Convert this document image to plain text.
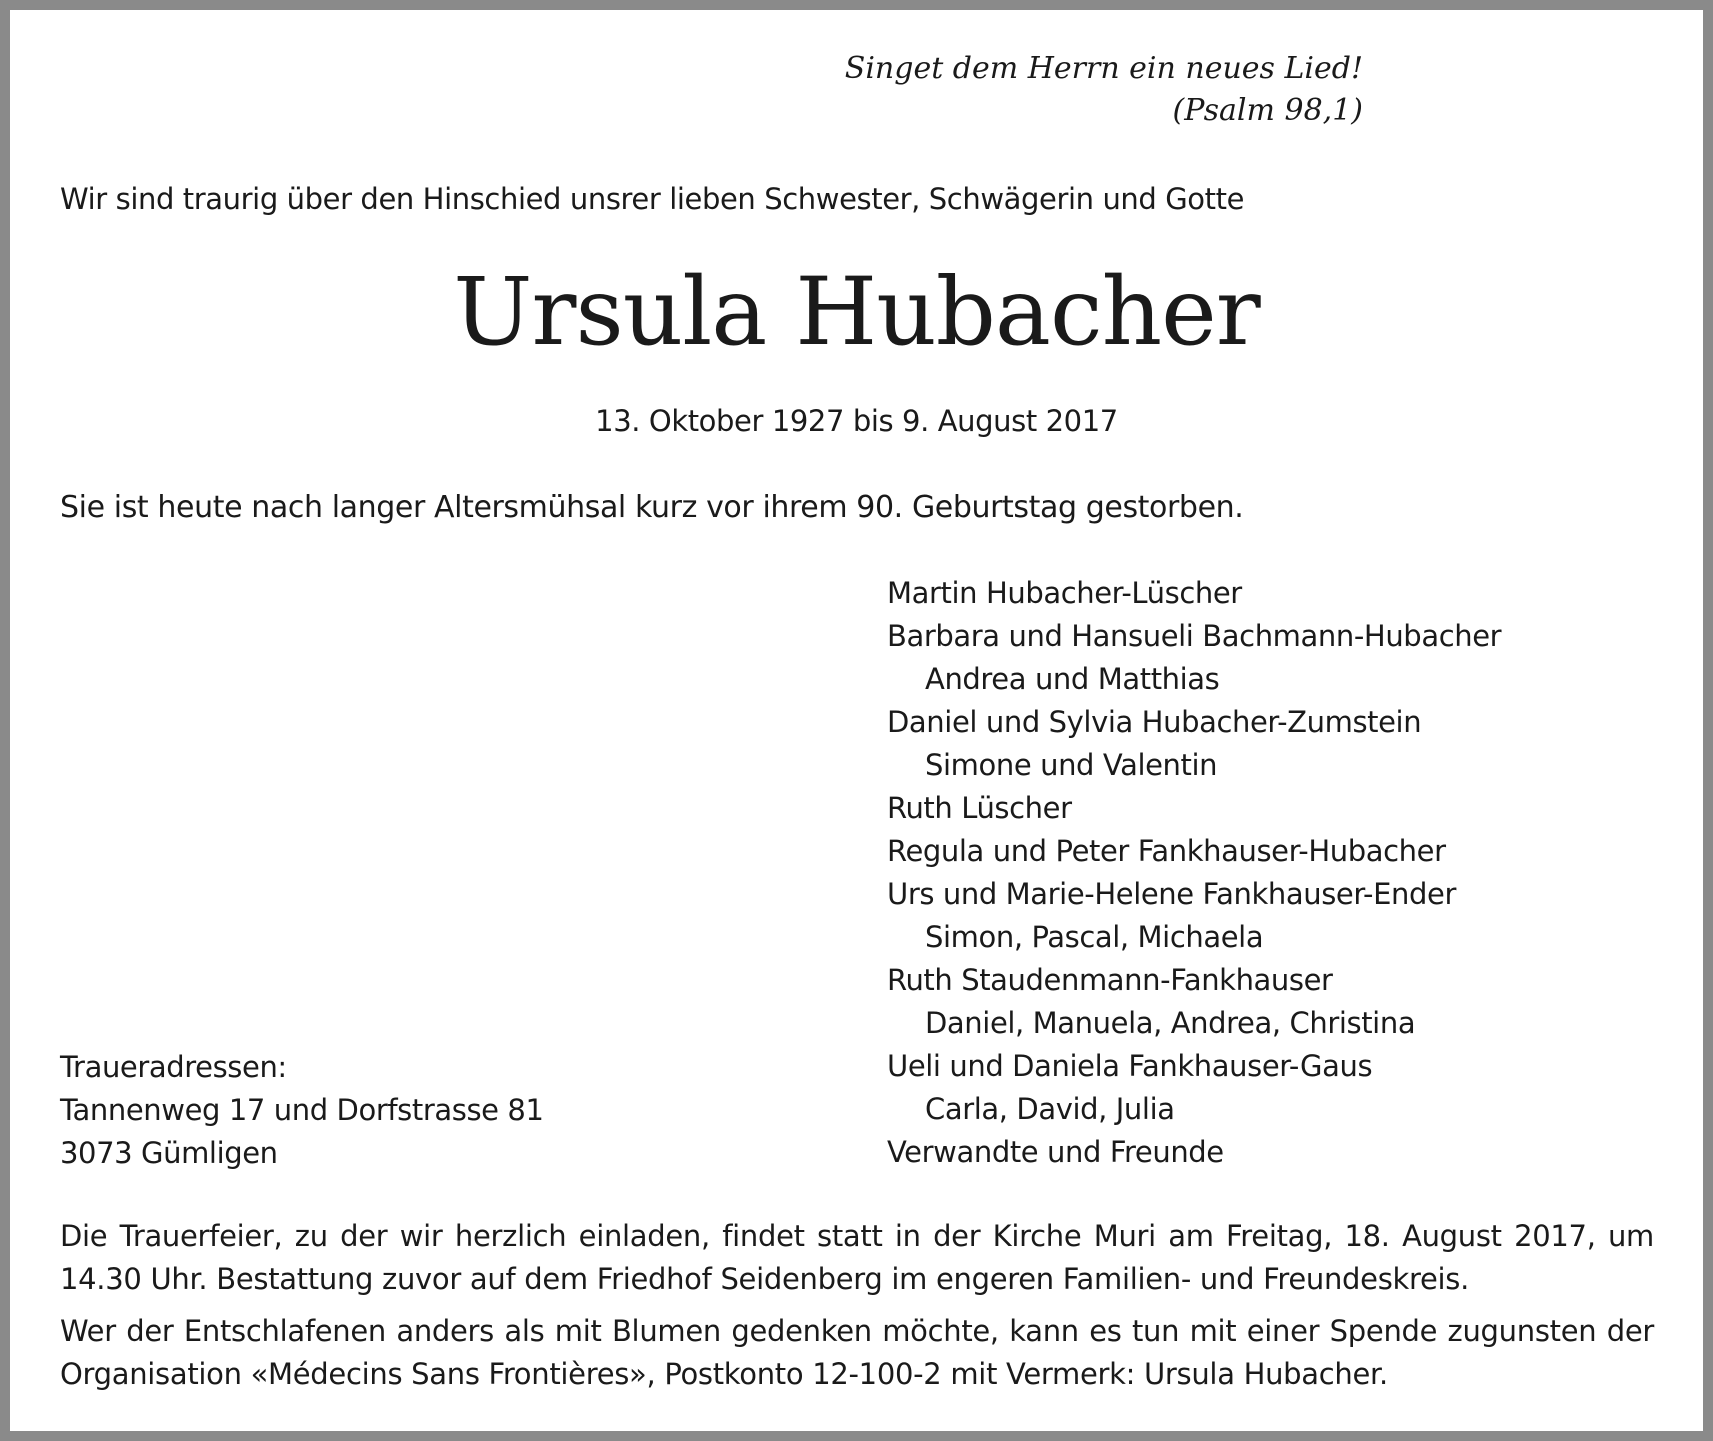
Singet dem Herrn ein neues Lied!
(Psalm 98,1)
Wir sind traurig über den Hinschied unsrer lieben Schwester, Schwägerin und Gotte
Ursula Hubacher
13. Oktober 1927 bis 9. August 2017
Sie ist heute nach langer Altersmühsal kurz vor ihrem 90. Geburtstag gestorben.
Martin Hubacher-Lüscher
Barbara und Hansueli Bachmann-Hubacher
Andrea und Matthias
Daniel und Sylvia Hubacher-Zumstein
Simone und Valentin
Ruth Lüscher
Regula und Peter Fankhauser-Hubacher
Urs und Marie-Helene Fankhauser-Ender
Simon, Pascal, Michaela
Ruth Staudenmann-Fankhauser
Daniel, Manuela, Andrea, Christina
Ueli und Daniela Fankhauser-Gaus
Carla, David, Julia
Verwandte und Freunde
Traueradressen:
Tannenweg 17 und Dorfstrasse 81
3073 Gümligen
Die Trauerfeier, zu der wir herzlich einladen, findet statt in der Kirche Muri am Freitag, 18. August 2017, um 14.30 Uhr. Bestattung zuvor auf dem Friedhof Seidenberg im engeren Familien- und Freundeskreis.
Wer der Entschlafenen anders als mit Blumen gedenken möchte, kann es tun mit einer Spende zugunsten der Organisation «Médecins Sans Frontières», Postkonto 12-100-2 mit Vermerk: Ursula Hubacher.
